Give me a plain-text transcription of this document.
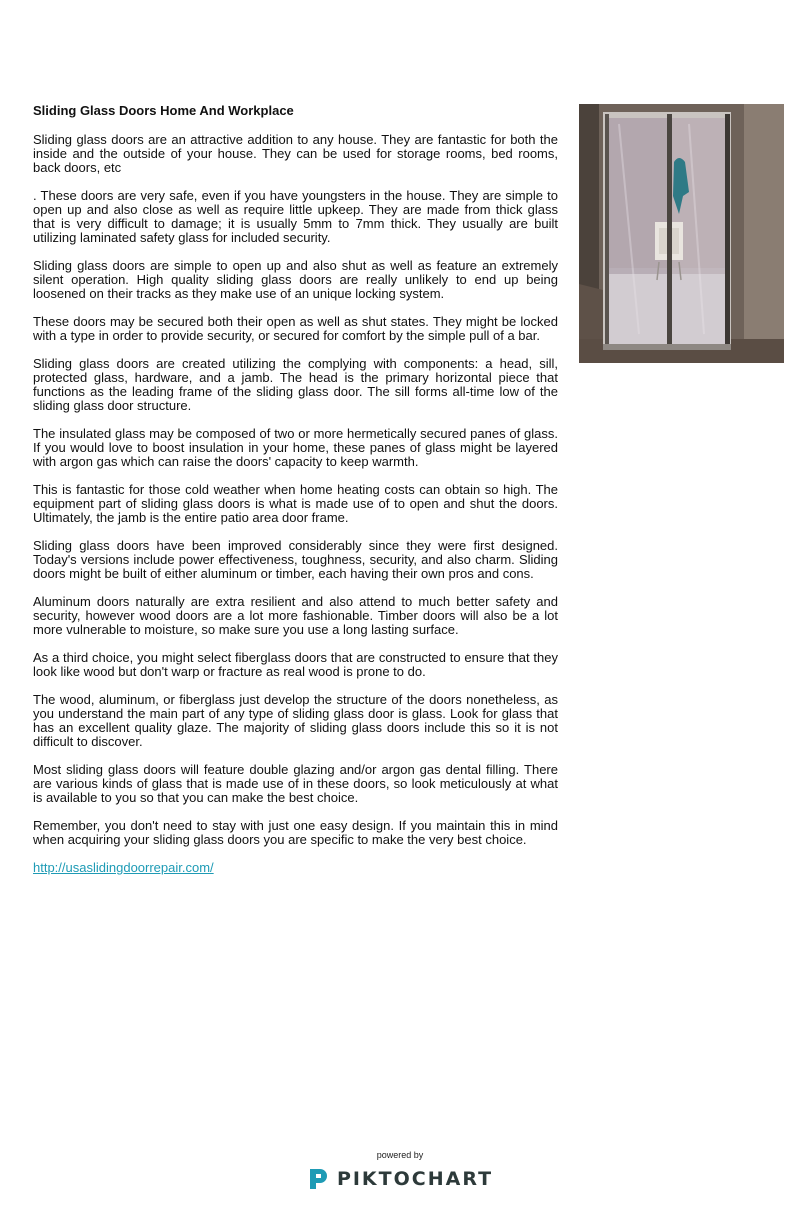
Sliding Glass Doors Home And Workplace

Sliding glass doors are an attractive addition to any house. They are fantastic for both the inside and the outside of your house. They can be used for storage rooms, bed rooms, back doors, etc

. These doors are very safe, even if you have youngsters in the house. They are simple to open up and also close as well as require little upkeep. They are made from thick glass that is very difficult to damage; it is usually 5mm to 7mm thick. They usually are built utilizing laminated safety glass for included security.

Sliding glass doors are simple to open up and also shut as well as feature an extremely silent operation. High quality sliding glass doors are really unlikely to end up being loosened on their tracks as they make use of an unique locking system.

These doors may be secured both their open as well as shut states. They might be locked with a type in order to provide security, or secured for comfort by the simple pull of a bar.

Sliding glass doors are created utilizing the complying with components: a head, sill, protected glass, hardware, and a jamb. The head is the primary horizontal piece that functions as the leading frame of the sliding glass door. The sill forms all-time low of the sliding glass door structure.

The insulated glass may be composed of two or more hermetically secured panes of glass. If you would love to boost insulation in your home, these panes of glass might be layered with argon gas which can raise the doors' capacity to keep warmth.

This is fantastic for those cold weather when home heating costs can obtain so high. The equipment part of sliding glass doors is what is made use of to open and shut the doors. Ultimately, the jamb is the entire patio area door frame.

Sliding glass doors have been improved considerably since they were first designed. Today's versions include power effectiveness, toughness, security, and also charm. Sliding doors might be built of either aluminum or timber, each having their own pros and cons.

Aluminum doors naturally are extra resilient and also attend to much better safety and security, however wood doors are a lot more fashionable. Timber doors will also be a lot more vulnerable to moisture, so make sure you use a long lasting surface.

As a third choice, you might select fiberglass doors that are constructed to ensure that they look like wood but don't warp or fracture as real wood is prone to do.

The wood, aluminum, or fiberglass just develop the structure of the doors nonetheless, as you understand the main part of any type of sliding glass door is glass. Look for glass that has an excellent quality glaze. The majority of sliding glass doors include this so it is not difficult to discover.

Most sliding glass doors will feature double glazing and/or argon gas dental filling. There are various kinds of glass that is made use of in these doors, so look meticulously at what is available to you so that you can make the best choice.

Remember, you don't need to stay with just one easy design. If you maintain this in mind when acquiring your sliding glass doors you are specific to make the very best choice.

http://usaslidingdoorrepair.com/

powered by
PIKTOCHART
